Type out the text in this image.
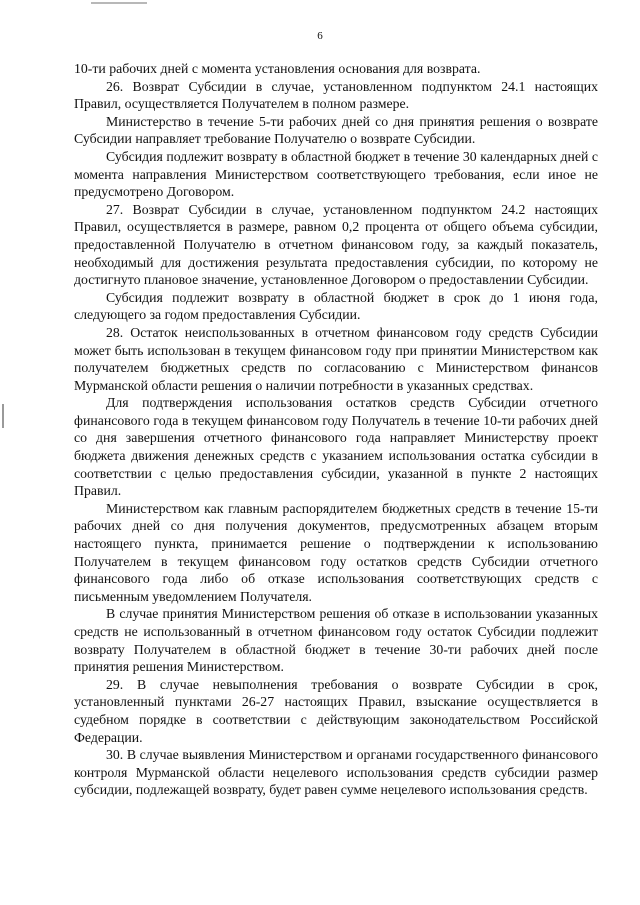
6

10-ти рабочих дней с момента установления основания для возврата.

26. Возврат Субсидии в случае, установленном подпунктом 24.1 настоящих Правил, осуществляется Получателем в полном размере.

Министерство в течение 5-ти рабочих дней со дня принятия решения о возврате Субсидии направляет требование Получателю о возврате Субсидии.

Субсидия подлежит возврату в областной бюджет в течение 30 календарных дней с момента направления Министерством соответствующего требования, если иное не предусмотрено Договором.

27. Возврат Субсидии в случае, установленном подпунктом 24.2 настоящих Правил, осуществляется в размере, равном 0,2 процента от общего объема субсидии, предоставленной Получателю в отчетном финансовом году, за каждый показатель, необходимый для достижения результата предоставления субсидии, по которому не достигнуто плановое значение, установленное Договором о предоставлении Субсидии.

Субсидия подлежит возврату в областной бюджет в срок до 1 июня года, следующего за годом предоставления Субсидии.

28. Остаток неиспользованных в отчетном финансовом году средств Субсидии может быть использован в текущем финансовом году при принятии Министерством как получателем бюджетных средств по согласованию с Министерством финансов Мурманской области решения о наличии потребности в указанных средствах.

Для подтверждения использования остатков средств Субсидии отчетного финансового года в текущем финансовом году Получатель в течение 10-ти рабочих дней со дня завершения отчетного финансового года направляет Министерству проект бюджета движения денежных средств с указанием использования остатка субсидии в соответствии с целью предоставления субсидии, указанной в пункте 2 настоящих Правил.

Министерством как главным распорядителем бюджетных средств в течение 15-ти рабочих дней со дня получения документов, предусмотренных абзацем вторым настоящего пункта, принимается решение о подтверждении к использованию Получателем в текущем финансовом году остатков средств Субсидии отчетного финансового года либо об отказе использования соответствующих средств с письменным уведомлением Получателя.

В случае принятия Министерством решения об отказе в использовании указанных средств не использованный в отчетном финансовом году остаток Субсидии подлежит возврату Получателем в областной бюджет в течение 30-ти рабочих дней после принятия решения Министерством.

29. В случае невыполнения требования о возврате Субсидии в срок, установленный пунктами 26-27 настоящих Правил, взыскание осуществляется в судебном порядке в соответствии с действующим законодательством Российской Федерации.

30. В случае выявления Министерством и органами государственного финансового контроля Мурманской области нецелевого использования средств субсидии размер субсидии, подлежащей возврату, будет равен сумме нецелевого использования средств.
